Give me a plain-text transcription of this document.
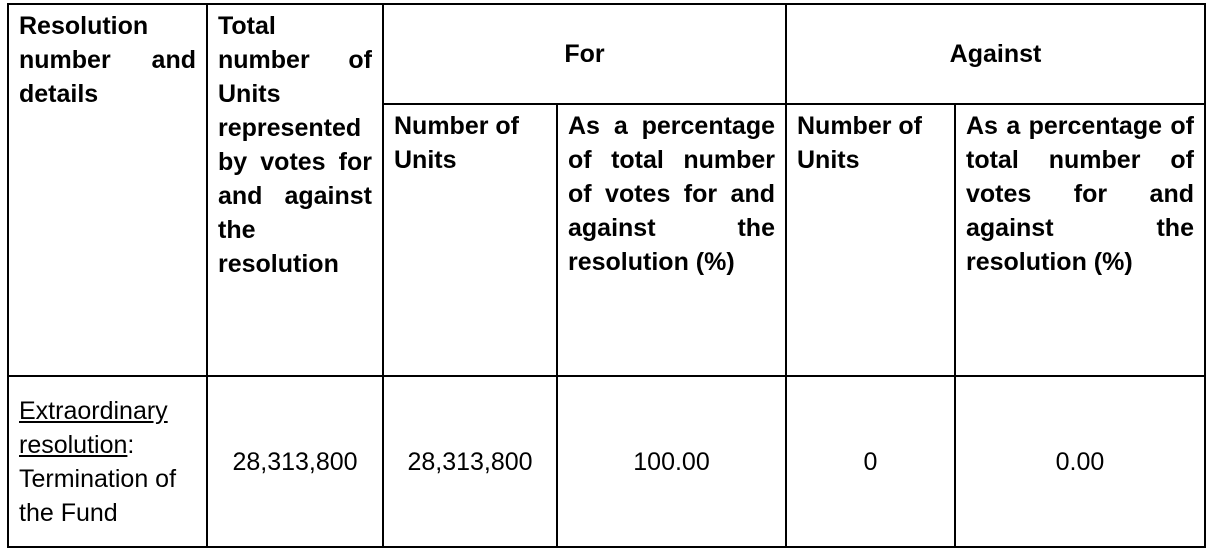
Resolution number and details	Total number of Units represented by votes for and against the resolution	For		Against	
		Number of Units	As a percentage of total number of votes for and against the resolution (%)	Number of Units	As a percentage of total number of votes for and against the resolution (%)
Extraordinary resolution: Termination of the Fund	28,313,800	28,313,800	100.00	0	0.00
